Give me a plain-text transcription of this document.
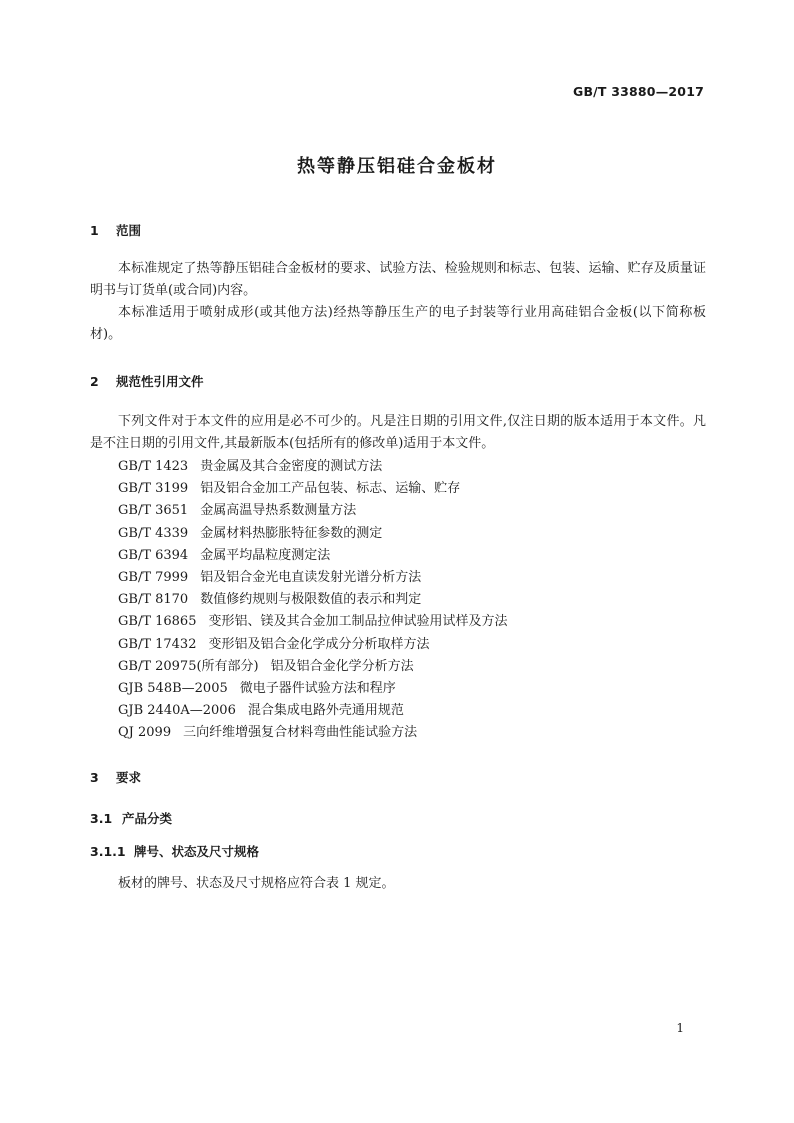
GB/T 33880—2017
热等静压铝硅合金板材
1 范围

本标准规定了热等静压铝硅合金板材的要求、试验方法、检验规则和标志、包装、运输、贮存及质量证明书与订货单(或合同)内容。

本标准适用于喷射成形(或其他方法)经热等静压生产的电子封装等行业用高硅铝合金板(以下简称板材)。

2 规范性引用文件

下列文件对于本文件的应用是必不可少的。凡是注日期的引用文件,仅注日期的版本适用于本文件。凡是不注日期的引用文件,其最新版本(包括所有的修改单)适用于本文件。

GB/T 1423 贵金属及其合金密度的测试方法
GB/T 3199 铝及铝合金加工产品包装、标志、运输、贮存
GB/T 3651 金属高温导热系数测量方法
GB/T 4339 金属材料热膨胀特征参数的测定
GB/T 6394 金属平均晶粒度测定法
GB/T 7999 铝及铝合金光电直读发射光谱分析方法
GB/T 8170 数值修约规则与极限数值的表示和判定
GB/T 16865 变形铝、镁及其合金加工制品拉伸试验用试样及方法
GB/T 17432 变形铝及铝合金化学成分分析取样方法
GB/T 20975(所有部分) 铝及铝合金化学分析方法
GJB 548B—2005 微电子器件试验方法和程序
GJB 2440A—2006 混合集成电路外壳通用规范
QJ 2099 三向纤维增强复合材料弯曲性能试验方法
3 要求
3.1 产品分类
3.1.1 牌号、状态及尺寸规格

板材的牌号、状态及尺寸规格应符合表 1 规定。

1
